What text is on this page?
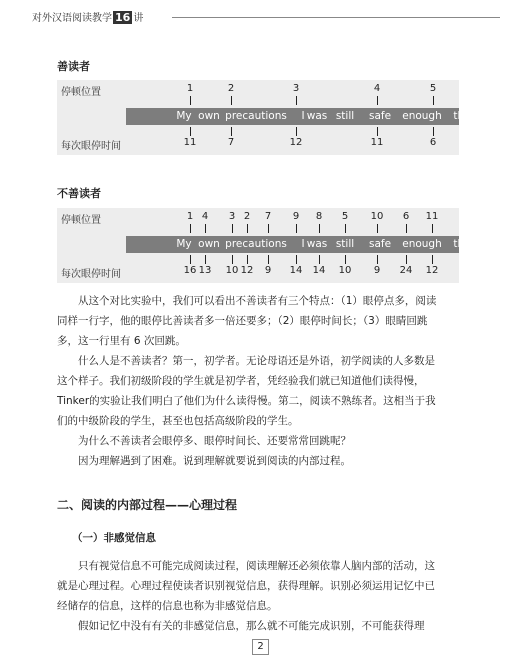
对外汉语阅读教学 16 讲
善读者
停顿位置
每次眼停时间
My own precautions I was still safe enough the mere
1	2	3	4	5
11	7	12	11	6
不善读者
停顿位置
每次眼停时间
My own precautions I was still safe enough the mere
1 4 3 2 7 9 8 5 10 6 11
16 13 10 12 9 14 14 10 9 24 12
从这个对比实验中，我们可以看出不善读者有三个特点：（1）眼停点多，阅读
同样一行字，他的眼停比善读者多一倍还要多；（2）眼停时间长；（3）眼睛回跳
多，这一行里有 6 次回跳。
什么人是不善读者？第一，初学者。无论母语还是外语，初学阅读的人多数是
这个样子。我们初级阶段的学生就是初学者，凭经验我们就已知道他们读得慢，
Tinker的实验让我们明白了他们为什么读得慢。第二，阅读不熟练者。这相当于我
们的中级阶段的学生，甚至也包括高级阶段的学生。
为什么不善读者会眼停多、眼停时间长、还要常常回跳呢？
因为理解遇到了困难。说到理解就要说到阅读的内部过程。
二、阅读的内部过程——心理过程
（一）非感觉信息
只有视觉信息不可能完成阅读过程，阅读理解还必须依靠人脑内部的活动，这
就是心理过程。心理过程使读者识别视觉信息，获得理解。识别必须运用记忆中已
经储存的信息，这样的信息也称为非感觉信息。
假如记忆中没有有关的非感觉信息，那么就不可能完成识别，不可能获得理
2
